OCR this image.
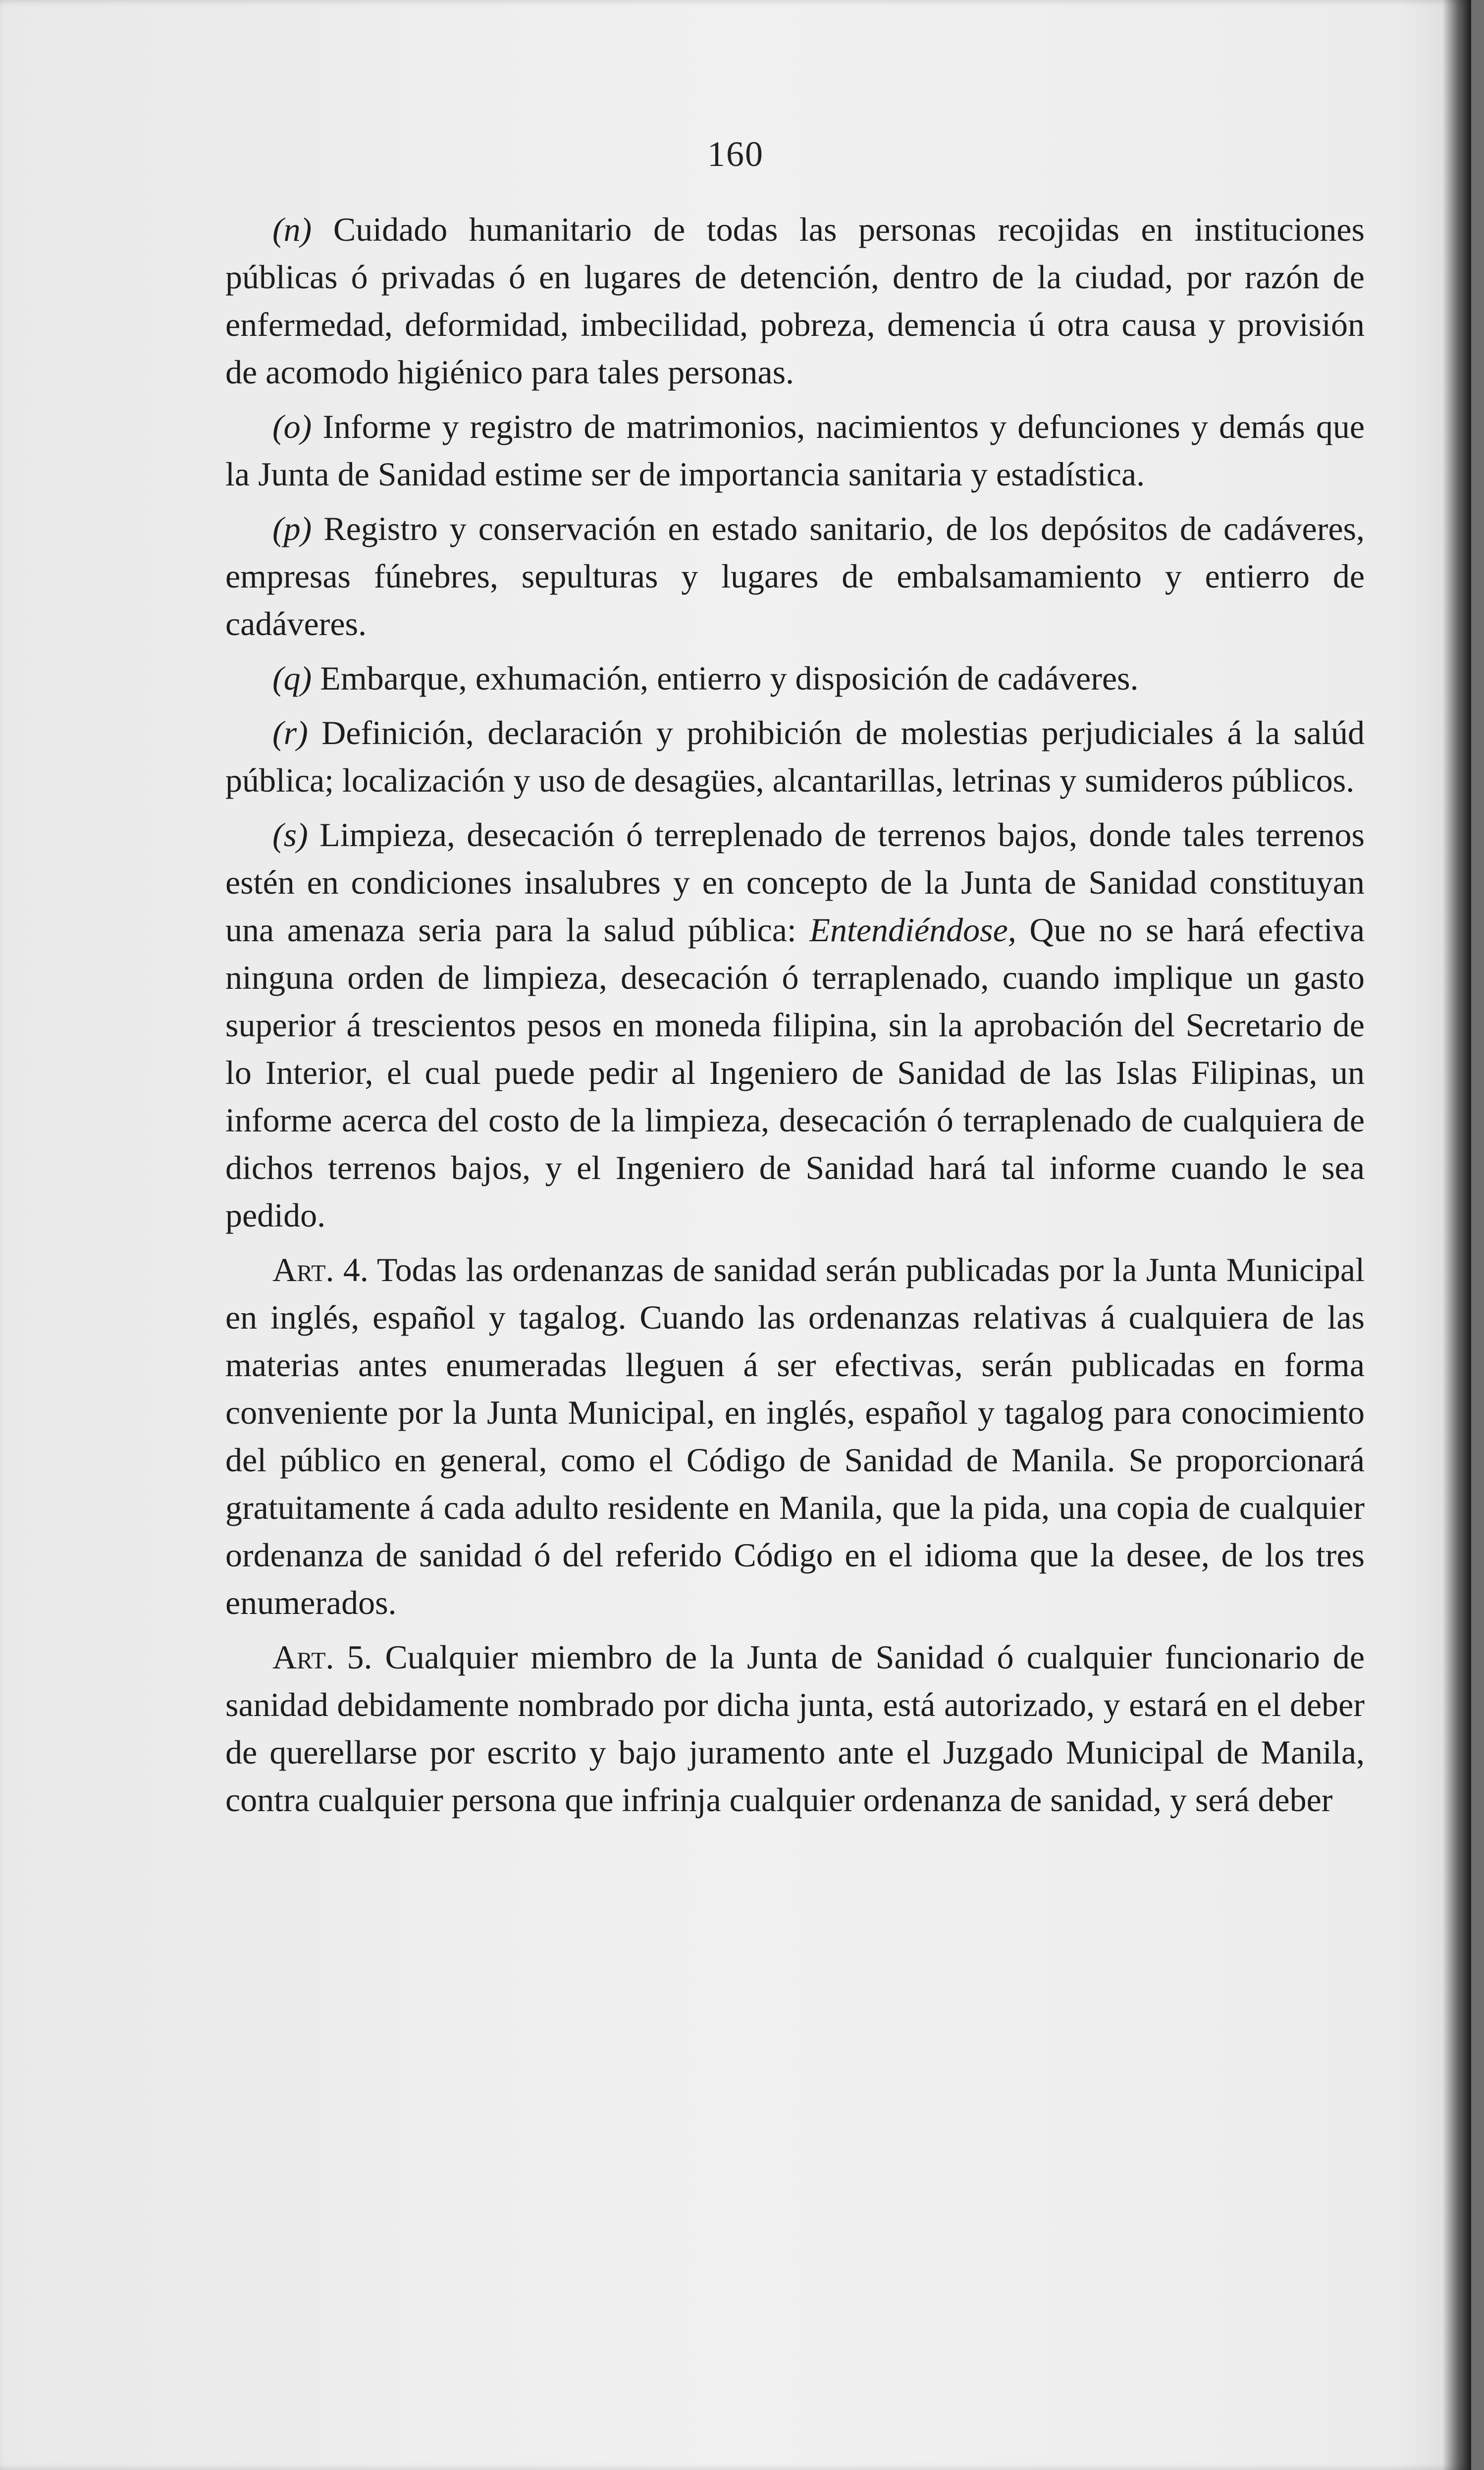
160

(n) Cuidado humanitario de todas las personas recojidas en instituciones públicas ó privadas ó en lugares de detención, dentro de la ciudad, por razón de enfermedad, deformidad, imbecilidad, pobreza, demencia ú otra causa y provisión de acomodo higiénico para tales personas.

(o) Informe y registro de matrimonios, nacimientos y defunciones y demás que la Junta de Sanidad estime ser de importancia sanitaria y estadística.

(p) Registro y conservación en estado sanitario, de los depósitos de cadáveres, empresas fúnebres, sepulturas y lugares de embalsamamiento y entierro de cadáveres.

(q) Embarque, exhumación, entierro y disposición de cadáveres.

(r) Definición, declaración y prohibición de molestias perjudiciales á la salúd pública; localización y uso de desagües, alcantarillas, letrinas y sumideros públicos.

(s) Limpieza, desecación ó terreplenado de terrenos bajos, donde tales terrenos estén en condiciones insalubres y en concepto de la Junta de Sanidad constituyan una amenaza seria para la salud pública: Entendiéndose, Que no se hará efectiva ninguna orden de limpieza, desecación ó terraplenado, cuando implique un gasto superior á trescientos pesos en moneda filipina, sin la aprobación del Secretario de lo Interior, el cual puede pedir al Ingeniero de Sanidad de las Islas Filipinas, un informe acerca del costo de la limpieza, desecación ó terraplenado de cualquiera de dichos terrenos bajos, y el Ingeniero de Sanidad hará tal informe cuando le sea pedido.

Art. 4. Todas las ordenanzas de sanidad serán publicadas por la Junta Municipal en inglés, español y tagalog. Cuando las ordenanzas relativas á cualquiera de las materias antes enumeradas lleguen á ser efectivas, serán publicadas en forma conveniente por la Junta Municipal, en inglés, español y tagalog para conocimiento del público en general, como el Código de Sanidad de Manila. Se proporcionará gratuitamente á cada adulto residente en Manila, que la pida, una copia de cualquier ordenanza de sanidad ó del referido Código en el idioma que la desee, de los tres enumerados.

Art. 5. Cualquier miembro de la Junta de Sanidad ó cualquier funcionario de sanidad debidamente nombrado por dicha junta, está autorizado, y estará en el deber de querellarse por escrito y bajo juramento ante el Juzgado Municipal de Manila, contra cualquier persona que infrinja cualquier ordenanza de sanidad, y será deber
